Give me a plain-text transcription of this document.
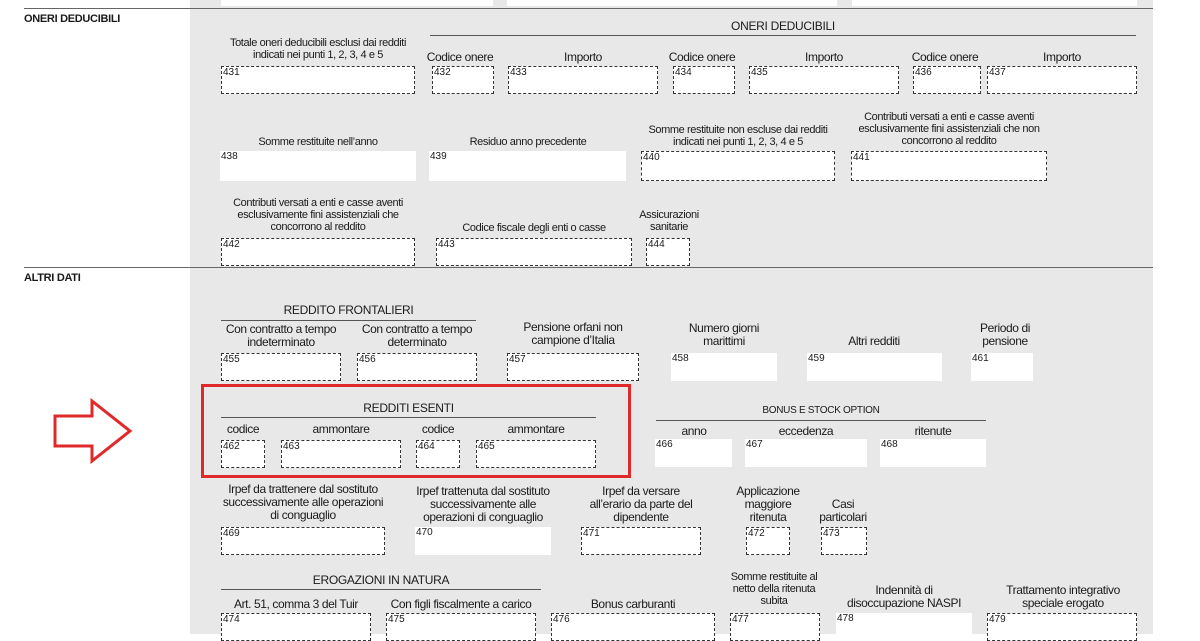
ONERI DEDUCIBILI
ALTRI DATI
ONERI DEDUCIBILI
Totale oneri deducibili esclusi dai redditi indicati nei punti 1, 2, 3, 4 e 5
431
Codice onere
432
Importo
433
Codice onere
434
Importo
435
Codice onere
436
Importo
437
Somme restituite nell’anno
438
Residuo anno precedente
439
Somme restituite non escluse dai redditi indicati nei punti 1, 2, 3, 4 e 5
440
Contributi versati a enti e casse aventi esclusivamente fini assistenziali che non concorrono al reddito
441
Contributi versati a enti e casse aventi esclusivamente fini assistenziali che concorrono al reddito
442
Codice fiscale degli enti o casse
443
Assicurazioni sanitarie
444
REDDITO FRONTALIERI
Con contratto a tempo indeterminato
455
Con contratto a tempo determinato
456
Pensione orfani non campione d’Italia
457
Numero giorni marittimi
458
Altri redditi
459
Periodo di pensione
461
REDDITI ESENTI
codice
462
ammontare
463
codice
464
ammontare
465
BONUS E STOCK OPTION
anno
466
eccedenza
467
ritenute
468
Irpef da trattenere dal sostituto successivamente alle operazioni di conguaglio
469
Irpef trattenuta dal sostituto successivamente alle operazioni di conguaglio
470
Irpef da versare all’erario da parte del dipendente
471
Applicazione maggiore ritenuta
472
Casi particolari
473
EROGAZIONI IN NATURA
Art. 51, comma 3 del Tuir
474
Con figli fiscalmente a carico
475
Bonus carburanti
476
Somme restituite al netto della ritenuta subita
477
Indennità di disoccupazione NASPI
478
Trattamento integrativo speciale erogato
479
